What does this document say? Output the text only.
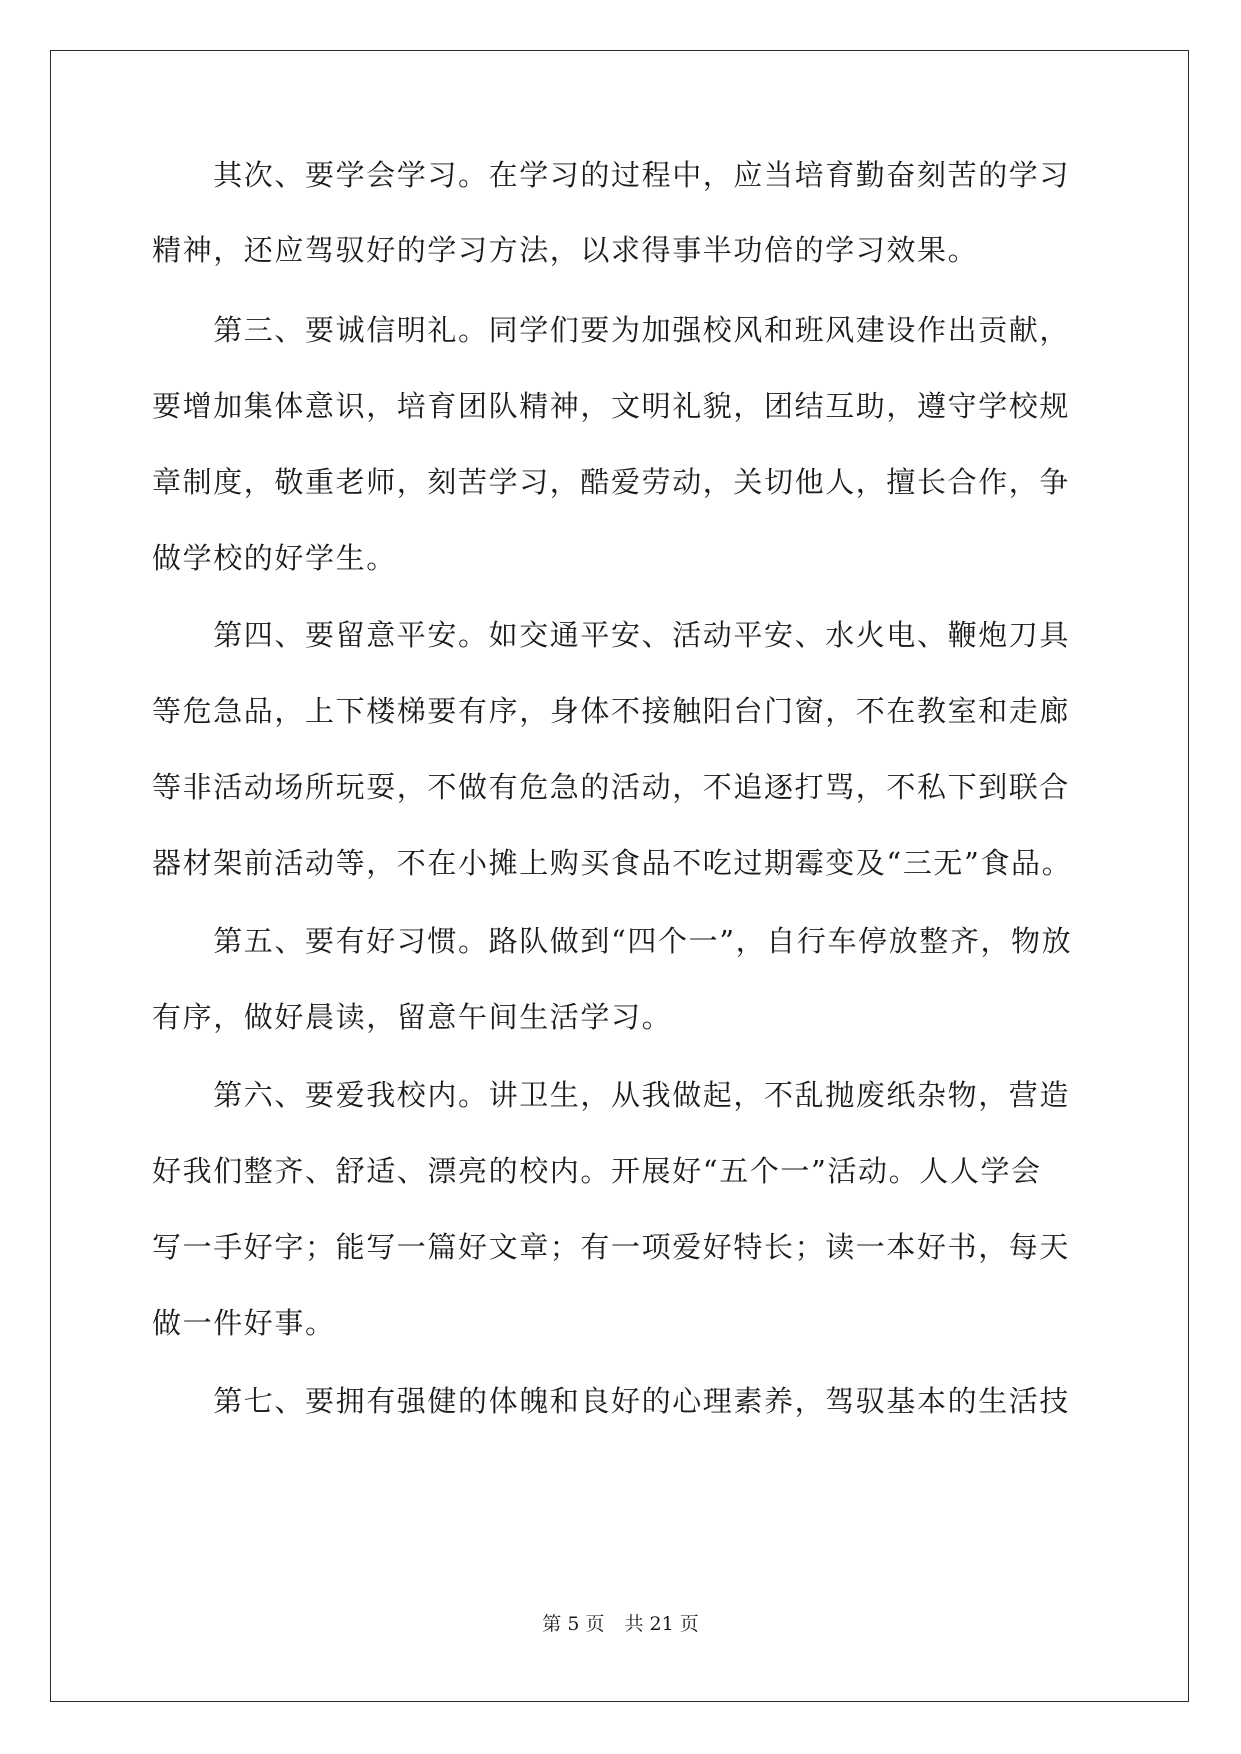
　　其次、要学会学习。在学习的过程中，应当培育勤奋刻苦的学习
精神，还应驾驭好的学习方法，以求得事半功倍的学习效果。
　　第三、要诚信明礼。同学们要为加强校风和班风建设作出贡献，
要增加集体意识，培育团队精神，文明礼貌，团结互助，遵守学校规
章制度，敬重老师，刻苦学习，酷爱劳动，关切他人，擅长合作，争
做学校的好学生。
　　第四、要留意平安。如交通平安、活动平安、水火电、鞭炮刀具
等危急品，上下楼梯要有序，身体不接触阳台门窗，不在教室和走廊
等非活动场所玩耍，不做有危急的活动，不追逐打骂，不私下到联合
器材架前活动等，不在小摊上购买食品不吃过期霉变及“三无”食品。
　　第五、要有好习惯。路队做到“四个一”，自行车停放整齐，物放
有序，做好晨读，留意午间生活学习。
　　第六、要爱我校内。讲卫生，从我做起，不乱抛废纸杂物，营造
好我们整齐、舒适、漂亮的校内。开展好“五个一”活动。人人学会
写一手好字；能写一篇好文章；有一项爱好特长；读一本好书，每天
做一件好事。
　　第七、要拥有强健的体魄和良好的心理素养，驾驭基本的生活技
第 5 页 共 21 页
